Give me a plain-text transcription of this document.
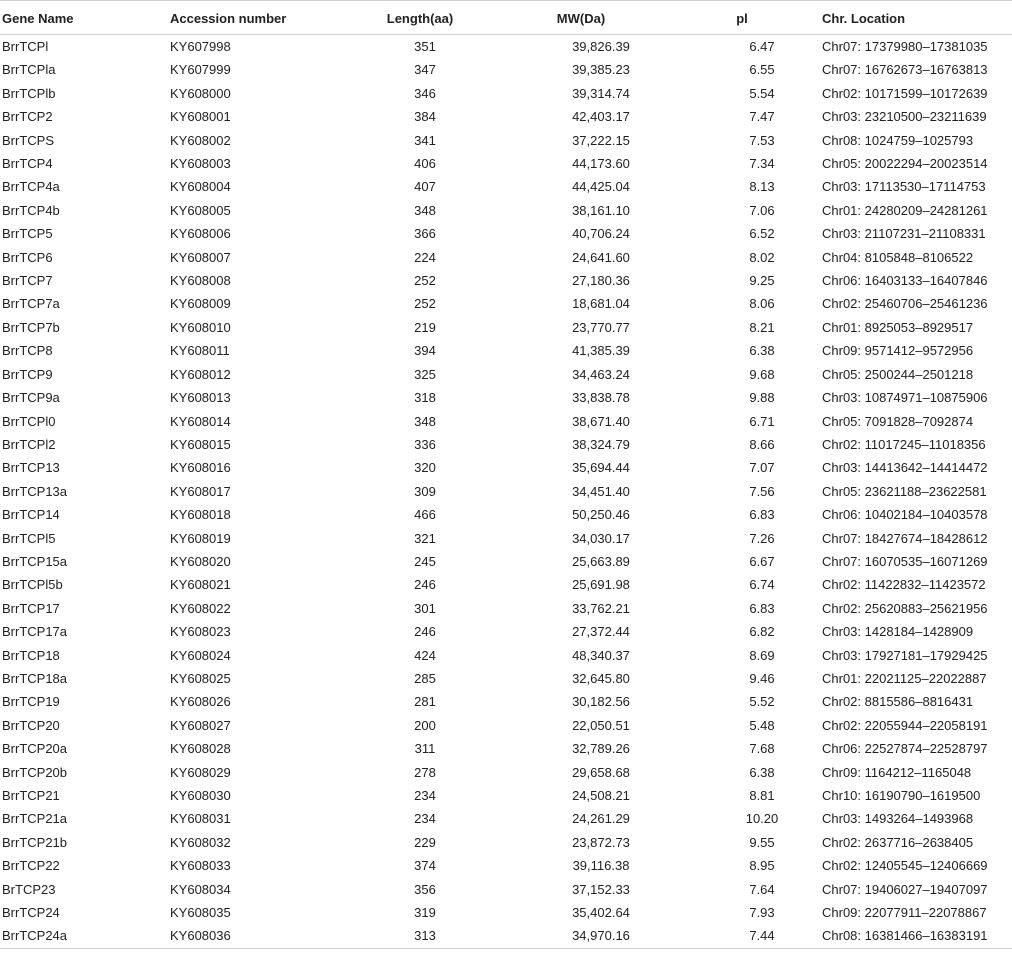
Gene Name	Accession number	Length(aa)	MW(Da)	pl	Chr. Location
BrrTCPl	KY607998	351	39,826.39	6.47	Chr07: 17379980–17381035
BrrTCPla	KY607999	347	39,385.23	6.55	Chr07: 16762673–16763813
BrrTCPlb	KY608000	346	39,314.74	5.54	Chr02: 10171599–10172639
BrrTCP2	KY608001	384	42,403.17	7.47	Chr03: 23210500–23211639
BrrTCPS	KY608002	341	37,222.15	7.53	Chr08: 1024759–1025793
BrrTCP4	KY608003	406	44,173.60	7.34	Chr05: 20022294–20023514
BrrTCP4a	KY608004	407	44,425.04	8.13	Chr03: 17113530–17114753
BrrTCP4b	KY608005	348	38,161.10	7.06	Chr01: 24280209–24281261
BrrTCP5	KY608006	366	40,706.24	6.52	Chr03: 21107231–21108331
BrrTCP6	KY608007	224	24,641.60	8.02	Chr04: 8105848–8106522
BrrTCP7	KY608008	252	27,180.36	9.25	Chr06: 16403133–16407846
BrrTCP7a	KY608009	252	18,681.04	8.06	Chr02: 25460706–25461236
BrrTCP7b	KY608010	219	23,770.77	8.21	Chr01: 8925053–8929517
BrrTCP8	KY608011	394	41,385.39	6.38	Chr09: 9571412–9572956
BrrTCP9	KY608012	325	34,463.24	9.68	Chr05: 2500244–2501218
BrrTCP9a	KY608013	318	33,838.78	9.88	Chr03: 10874971–10875906
BrrTCPl0	KY608014	348	38,671.40	6.71	Chr05: 7091828–7092874
BrrTCPl2	KY608015	336	38,324.79	8.66	Chr02: 11017245–11018356
BrrTCP13	KY608016	320	35,694.44	7.07	Chr03: 14413642–14414472
BrrTCP13a	KY608017	309	34,451.40	7.56	Chr05: 23621188–23622581
BrrTCP14	KY608018	466	50,250.46	6.83	Chr06: 10402184–10403578
BrrTCPl5	KY608019	321	34,030.17	7.26	Chr07: 18427674–18428612
BrrTCP15a	KY608020	245	25,663.89	6.67	Chr07: 16070535–16071269
BrrTCPl5b	KY608021	246	25,691.98	6.74	Chr02: 11422832–11423572
BrrTCP17	KY608022	301	33,762.21	6.83	Chr02: 25620883–25621956
BrrTCP17a	KY608023	246	27,372.44	6.82	Chr03: 1428184–1428909
BrrTCP18	KY608024	424	48,340.37	8.69	Chr03: 17927181–17929425
BrrTCP18a	KY608025	285	32,645.80	9.46	Chr01: 22021125–22022887
BrrTCP19	KY608026	281	30,182.56	5.52	Chr02: 8815586–8816431
BrrTCP20	KY608027	200	22,050.51	5.48	Chr02: 22055944–22058191
BrrTCP20a	KY608028	311	32,789.26	7.68	Chr06: 22527874–22528797
BrrTCP20b	KY608029	278	29,658.68	6.38	Chr09: 1164212–1165048
BrrTCP21	KY608030	234	24,508.21	8.81	Chr10: 16190790–1619500
BrrTCP21a	KY608031	234	24,261.29	10.20	Chr03: 1493264–1493968
BrrTCP21b	KY608032	229	23,872.73	9.55	Chr02: 2637716–2638405
BrrTCP22	KY608033	374	39,116.38	8.95	Chr02: 12405545–12406669
BrTCP23	KY608034	356	37,152.33	7.64	Chr07: 19406027–19407097
BrrTCP24	KY608035	319	35,402.64	7.93	Chr09: 22077911–22078867
BrrTCP24a	KY608036	313	34,970.16	7.44	Chr08: 16381466–16383191
